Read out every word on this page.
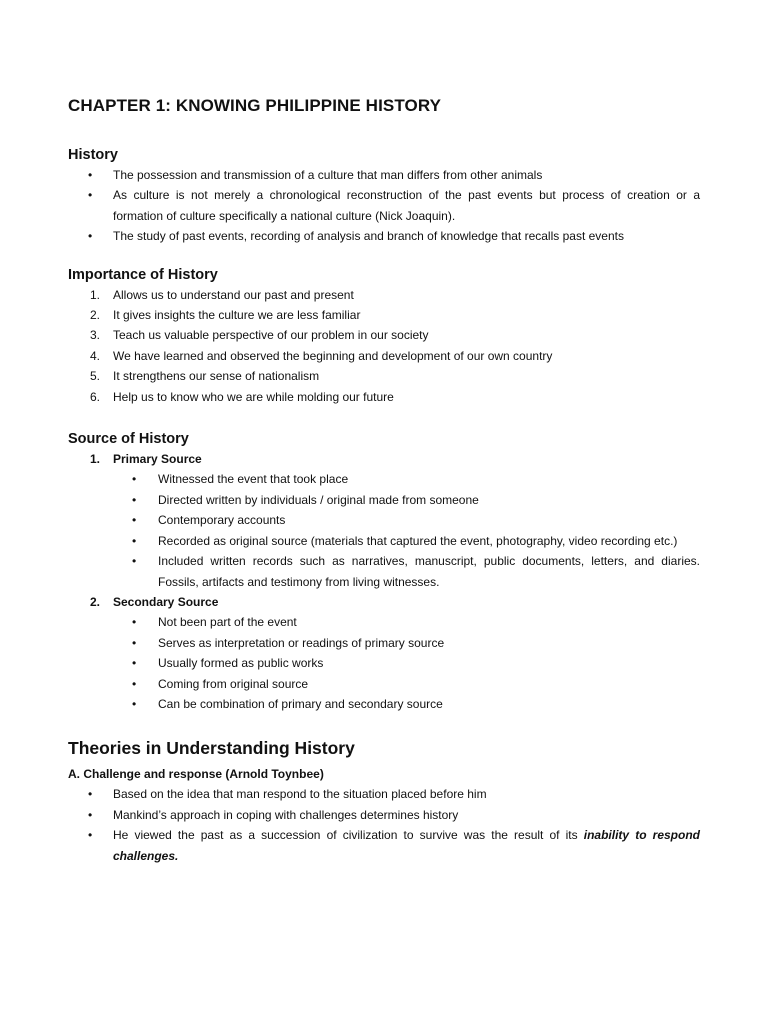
CHAPTER 1: KNOWING PHILIPPINE HISTORY
History
•	The possession and transmission of a culture that man differs from other animals
•	As culture is not merely a chronological reconstruction of the past events but process of creation or a formation of culture specifically a national culture (Nick Joaquin).
•	The study of past events, recording of analysis and branch of knowledge that recalls past events
Importance of History
1.	Allows us to understand our past and present
2.	It gives insights the culture we are less familiar
3.	Teach us valuable perspective of our problem in our society
4.	We have learned and observed the beginning and development of our own country
5.	It strengthens our sense of nationalism
6.	Help us to know who we are while molding our future
Source of History
1. Primary Source
•	Witnessed the event that took place
•	Directed written by individuals / original made from someone
•	Contemporary accounts
•	Recorded as original source (materials that captured the event, photography, video recording etc.)
•	Included written records such as narratives, manuscript, public documents, letters, and diaries. Fossils, artifacts and testimony from living witnesses.
2. Secondary Source
•	Not been part of the event
•	Serves as interpretation or readings of primary source
•	Usually formed as public works
•	Coming from original source
•	Can be combination of primary and secondary source
Theories in Understanding History
A. Challenge and response (Arnold Toynbee)
•	Based on the idea that man respond to the situation placed before him
•	Mankind’s approach in coping with challenges determines history
•	He viewed the past as a succession of civilization to survive was the result of its inability to respond challenges.
